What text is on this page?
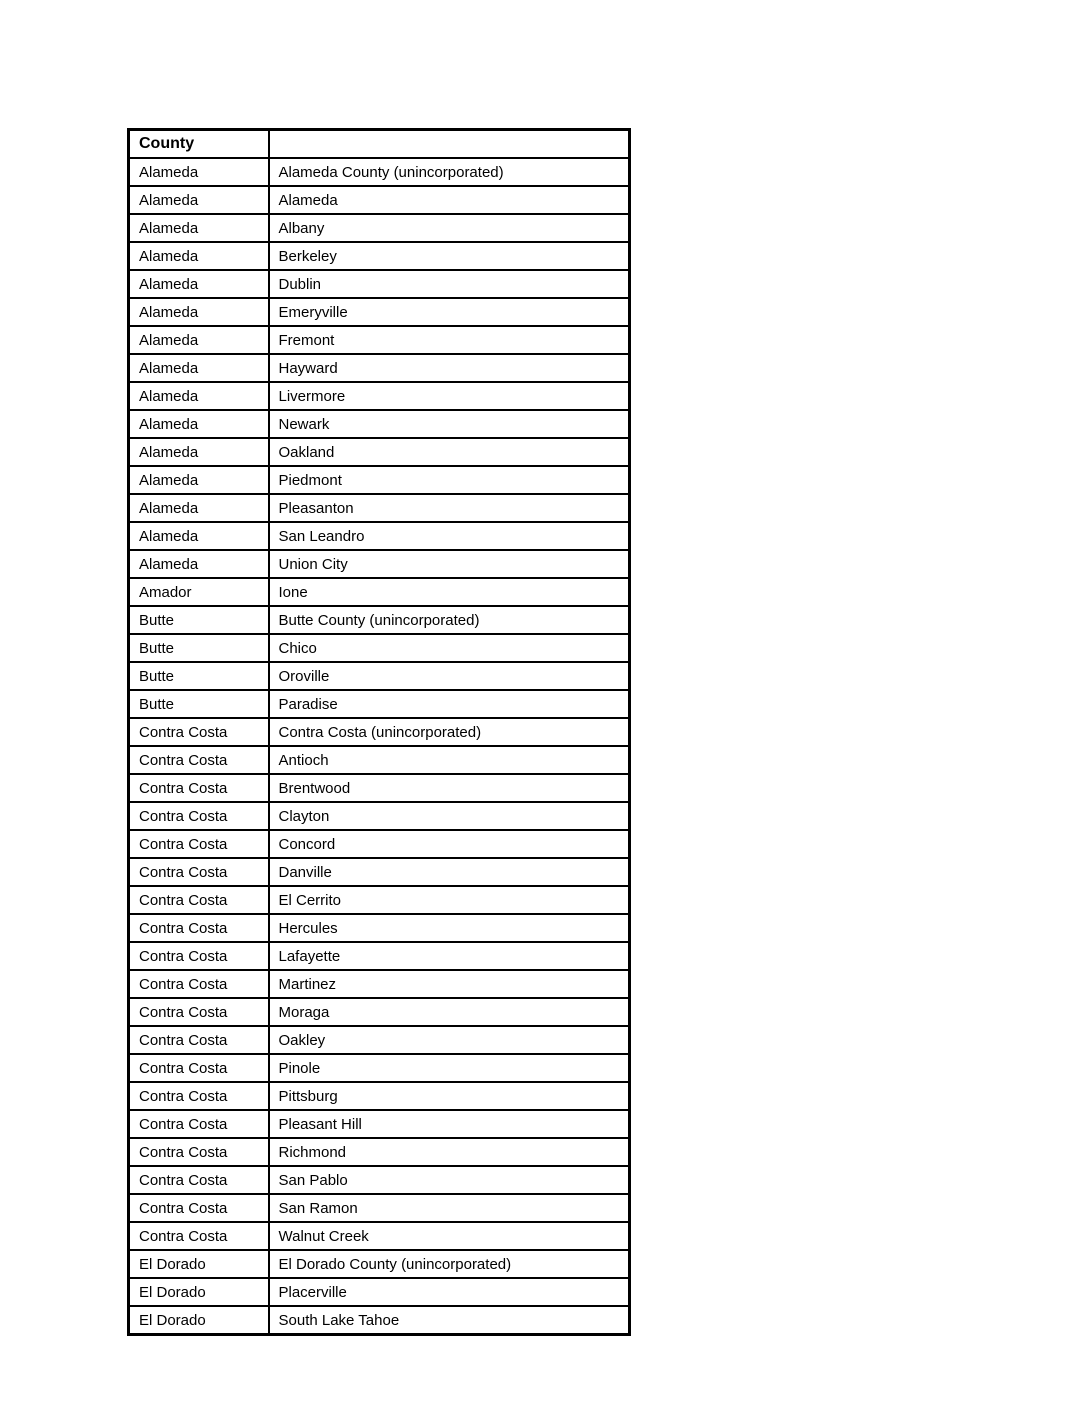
County	
Alameda	Alameda County (unincorporated)
Alameda	Alameda
Alameda	Albany
Alameda	Berkeley
Alameda	Dublin
Alameda	Emeryville
Alameda	Fremont
Alameda	Hayward
Alameda	Livermore
Alameda	Newark
Alameda	Oakland
Alameda	Piedmont
Alameda	Pleasanton
Alameda	San Leandro
Alameda	Union City
Amador	Ione
Butte	Butte County (unincorporated)
Butte	Chico
Butte	Oroville
Butte	Paradise
Contra Costa	Contra Costa (unincorporated)
Contra Costa	Antioch
Contra Costa	Brentwood
Contra Costa	Clayton
Contra Costa	Concord
Contra Costa	Danville
Contra Costa	El Cerrito
Contra Costa	Hercules
Contra Costa	Lafayette
Contra Costa	Martinez
Contra Costa	Moraga
Contra Costa	Oakley
Contra Costa	Pinole
Contra Costa	Pittsburg
Contra Costa	Pleasant Hill
Contra Costa	Richmond
Contra Costa	San Pablo
Contra Costa	San Ramon
Contra Costa	Walnut Creek
El Dorado	El Dorado County (unincorporated)
El Dorado	Placerville
El Dorado	South Lake Tahoe
